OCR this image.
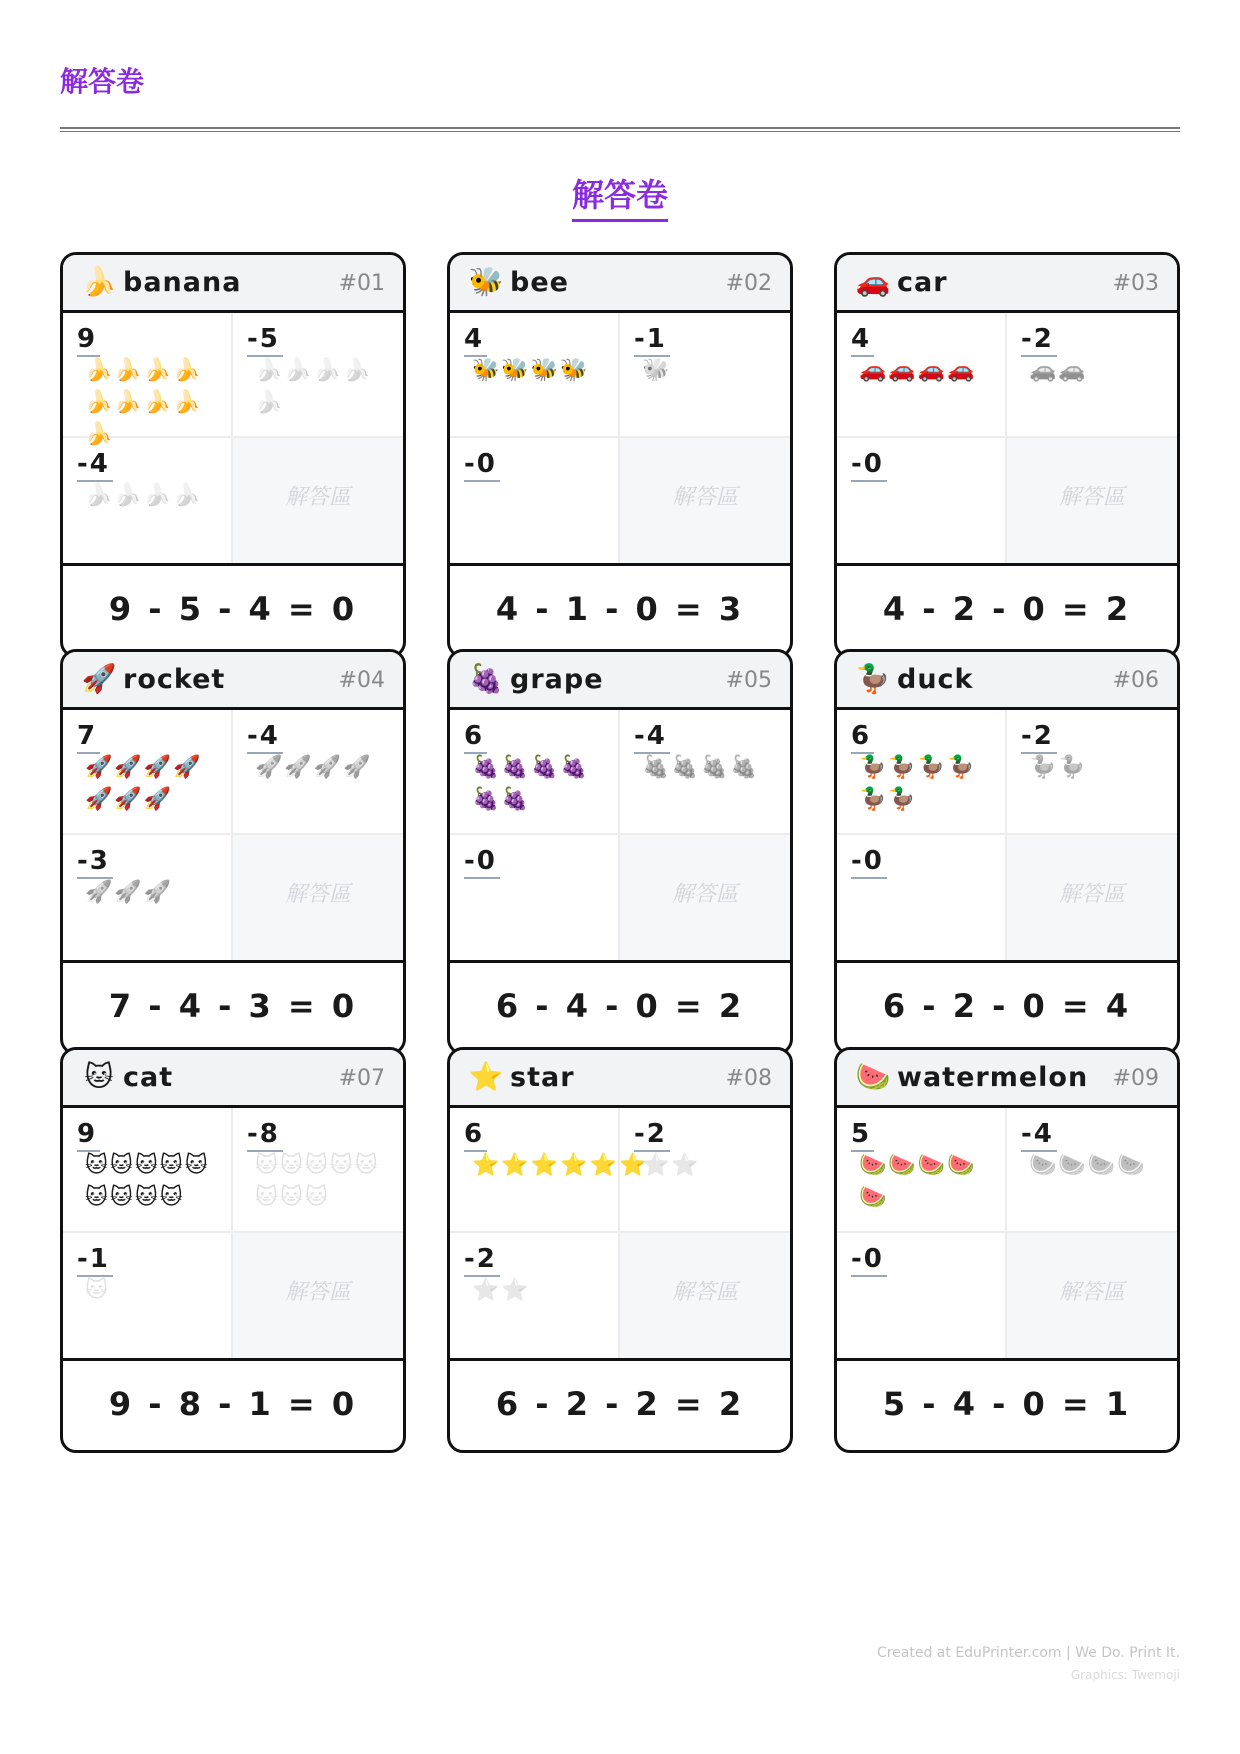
解答卷
解答卷
🍌 banana	#01
9
🍌🍌🍌🍌🍌🍌🍌🍌🍌
-5
🍌🍌🍌🍌🍌
-4
🍌🍌🍌🍌	解答區
9 - 5 - 4 = 0
🐝 bee	#02
4
🐝🐝🐝🐝
-1
🐝
-0
解答區
4 - 1 - 0 = 3
🚗 car	#03
4
🚗🚗🚗🚗
-2
🚗🚗
-0
解答區
4 - 2 - 0 = 2
🚀 rocket	#04
7
🚀🚀🚀🚀🚀🚀🚀
-4
🚀🚀🚀🚀
-3
🚀🚀🚀	解答區
7 - 4 - 3 = 0
🍇 grape	#05
6
🍇🍇🍇🍇🍇🍇
-4
🍇🍇🍇🍇
-0
解答區
6 - 4 - 0 = 2
🦆 duck	#06
6
🦆🦆🦆🦆🦆🦆
-2
🦆🦆
-0
解答區
6 - 2 - 0 = 4
🐱 cat	#07
9
🐱🐱🐱🐱🐱🐱🐱🐱🐱
-8
🐱🐱🐱🐱🐱🐱🐱🐱
-1
🐱	解答區
9 - 8 - 1 = 0
⭐ star	#08
6
⭐⭐⭐⭐⭐⭐
-2
⭐⭐
-2
⭐⭐	解答區
6 - 2 - 2 = 2
🍉 watermelon #09
5
🍉🍉🍉🍉🍉
-4
🍉🍉🍉🍉
-0
解答區
5 - 4 - 0 = 1
Created at EduPrinter.com | We Do. Print It.
Graphics: Twemoji
